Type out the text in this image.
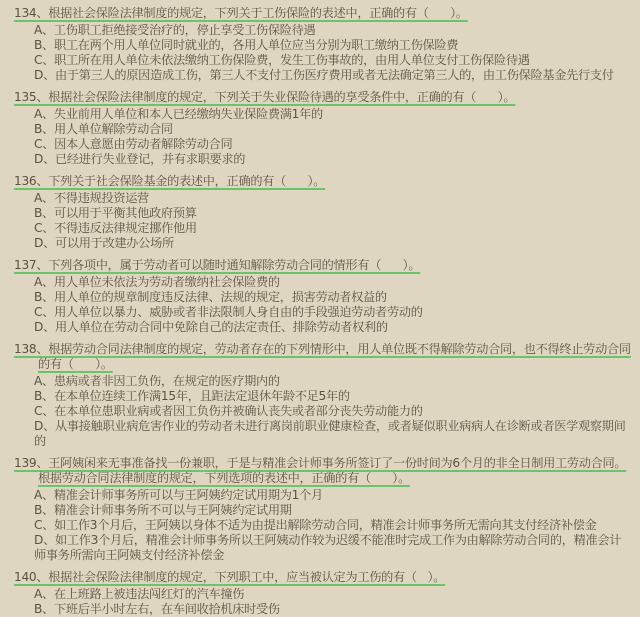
134、根据社会保险法律制度的规定，下列关于工伤保险的表述中，正确的有（      ）。
A、工伤职工拒绝接受治疗的，停止享受工伤保险待遇
B、职工在两个用人单位同时就业的，各用人单位应当分别为职工缴纳工伤保险费
C、职工所在用人单位未依法缴纳工伤保险费，发生工伤事故的，由用人单位支付工伤保险待遇
D、由于第三人的原因造成工伤，第三人不支付工伤医疗费用或者无法确定第三人的，由工伤保险基金先行支付
135、根据社会保险法律制度的规定，下列关于失业保险待遇的享受条件中，正确的有（      ）。
A、失业前用人单位和本人已经缴纳失业保险费满1年的
B、用人单位解除劳动合同
C、因本人意愿由劳动者解除劳动合同
D、已经进行失业登记，并有求职要求的
136、下列关于社会保险基金的表述中，正确的有（      ）。
A、不得违规投资运营
B、可以用于平衡其他政府预算
C、不得违反法律规定挪作他用
D、可以用于改建办公场所
137、下列各项中，属于劳动者可以随时通知解除劳动合同的情形有（      ）。
A、用人单位未依法为劳动者缴纳社会保险费的
B、用人单位的规章制度违反法律、法规的规定，损害劳动者权益的
C、用人单位以暴力、威胁或者非法限制人身自由的手段强迫劳动者劳动的
D、用人单位在劳动合同中免除自己的法定责任、排除劳动者权利的
138、根据劳动合同法律制度的规定，劳动者存在的下列情形中，用人单位既不得解除劳动合同，也不得终止劳动合同的有（      ）。
A、患病或者非因工负伤，在规定的医疗期内的
B、在本单位连续工作满15年，且距法定退休年龄不足5年的
C、在本单位患职业病或者因工负伤并被确认丧失或者部分丧失劳动能力的
D、从事接触职业病危害作业的劳动者未进行离岗前职业健康检查，或者疑似职业病病人在诊断或者医学观察期间的
139、王阿姨闲来无事准备找一份兼职，于是与精准会计师事务所签订了一份时间为6个月的非全日制用工劳动合同。根据劳动合同法律制度的规定，下列选项的表述中，正确的有（      ）。
A、精准会计师事务所可以与王阿姨约定试用期为1个月
B、精准会计师事务所不可以与王阿姨约定试用期
C、如工作3个月后，王阿姨以身体不适为由提出解除劳动合同，精准会计师事务所无需向其支付经济补偿金
D、如工作3个月后，精准会计师事务所以王阿姨动作较为迟缓不能准时完成工作为由解除劳动合同的，精准会计师事务所需向王阿姨支付经济补偿金
140、根据社会保险法律制度的规定，下列职工中，应当被认定为工伤的有（   ）。
A、在上班路上被违法闯红灯的汽车撞伤
B、下班后半小时左右，在车间收拾机床时受伤
